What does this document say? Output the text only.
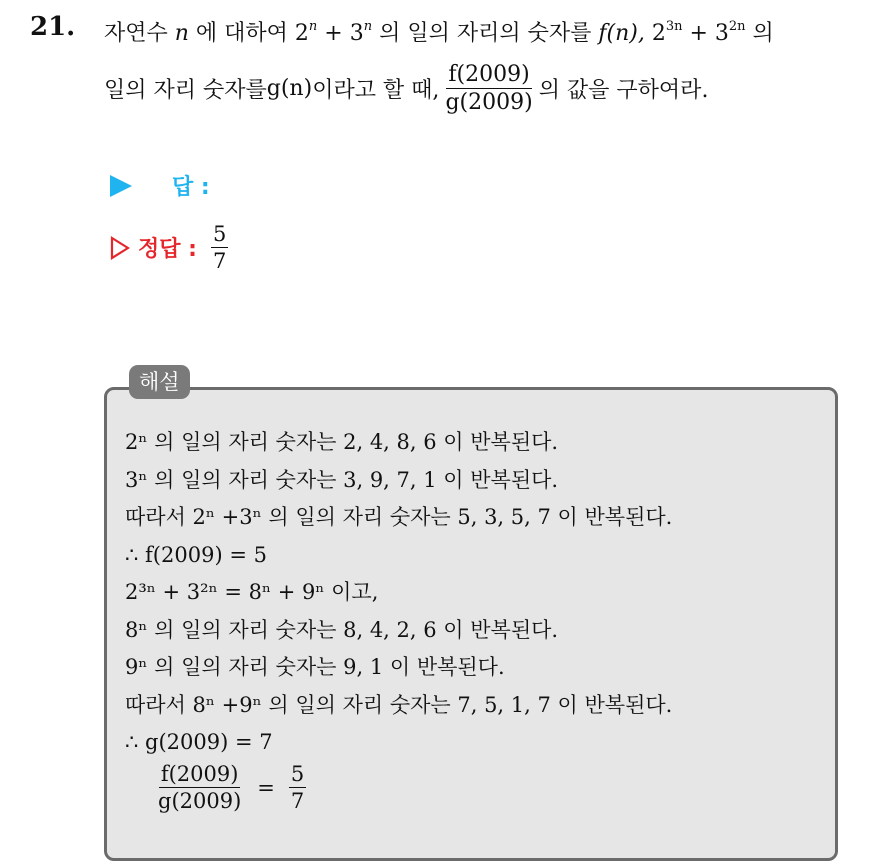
21. 자연수 n 에 대하여 $2^n + 3^n$ 의 일의 자리의 숫자를 f(n), $2^{3n} + 3^{2n}$ 의
일의 자리 숫자를 g(n) 이라고 할 때, $\frac{f(2009)}{g(2009)}$ 의 값을 구하여라.
답 :
정답 : $\frac{5}{7}$
해설
2ⁿ 의 일의 자리 숫자는 2, 4, 8, 6 이 반복된다.
3ⁿ 의 일의 자리 숫자는 3, 9, 7, 1 이 반복된다.
따라서 2ⁿ +3ⁿ 의 일의 자리 숫자는 5, 3, 5, 7 이 반복된다.
∴ f(2009) = 5
2³ⁿ + 3²ⁿ = 8ⁿ + 9ⁿ 이고,
8ⁿ 의 일의 자리 숫자는 8, 4, 2, 6 이 반복된다.
9ⁿ 의 일의 자리 숫자는 9, 1 이 반복된다.
따라서 8ⁿ +9ⁿ 의 일의 자리 숫자는 7, 5, 1, 7 이 반복된다.
∴ g(2009) = 7
$\frac{f(2009)}{g(2009)} = \frac{5}{7}$
